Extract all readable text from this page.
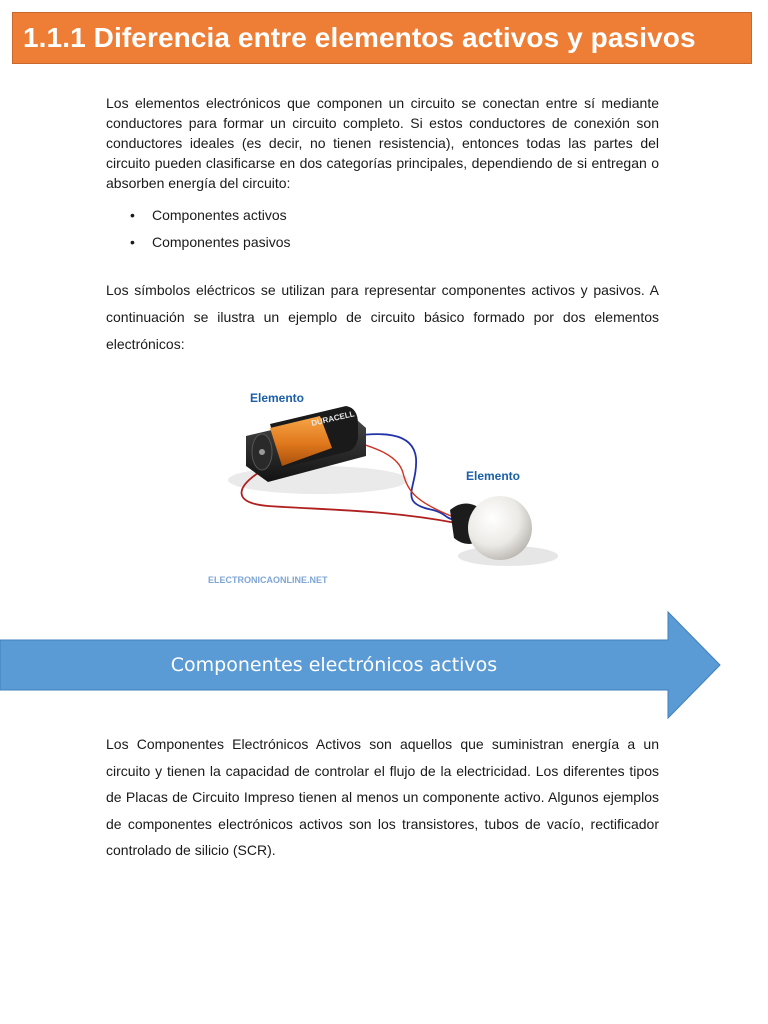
1.1.1 Diferencia entre elementos activos y pasivos

Los elementos electrónicos que componen un circuito se conectan entre sí mediante conductores para formar un circuito completo. Si estos conductores de conexión son conductores ideales (es decir, no tienen resistencia), entonces todas las partes del circuito pueden clasificarse en dos categorías principales, dependiendo de si entregan o absorben energía del circuito:

• Componentes activos
• Componentes pasivos

Los símbolos eléctricos se utilizan para representar componentes activos y pasivos. A continuación se ilustra un ejemplo de circuito básico formado por dos elementos electrónicos:

DURACELL
Elemento
Elemento
ELECTRONICAONLINE.NET
Componentes electrónicos activos

Los Componentes Electrónicos Activos son aquellos que suministran energía a un circuito y tienen la capacidad de controlar el flujo de la electricidad. Los diferentes tipos de Placas de Circuito Impreso tienen al menos un componente activo. Algunos ejemplos de componentes electrónicos activos son los transistores, tubos de vacío, rectificador controlado de silicio (SCR).
